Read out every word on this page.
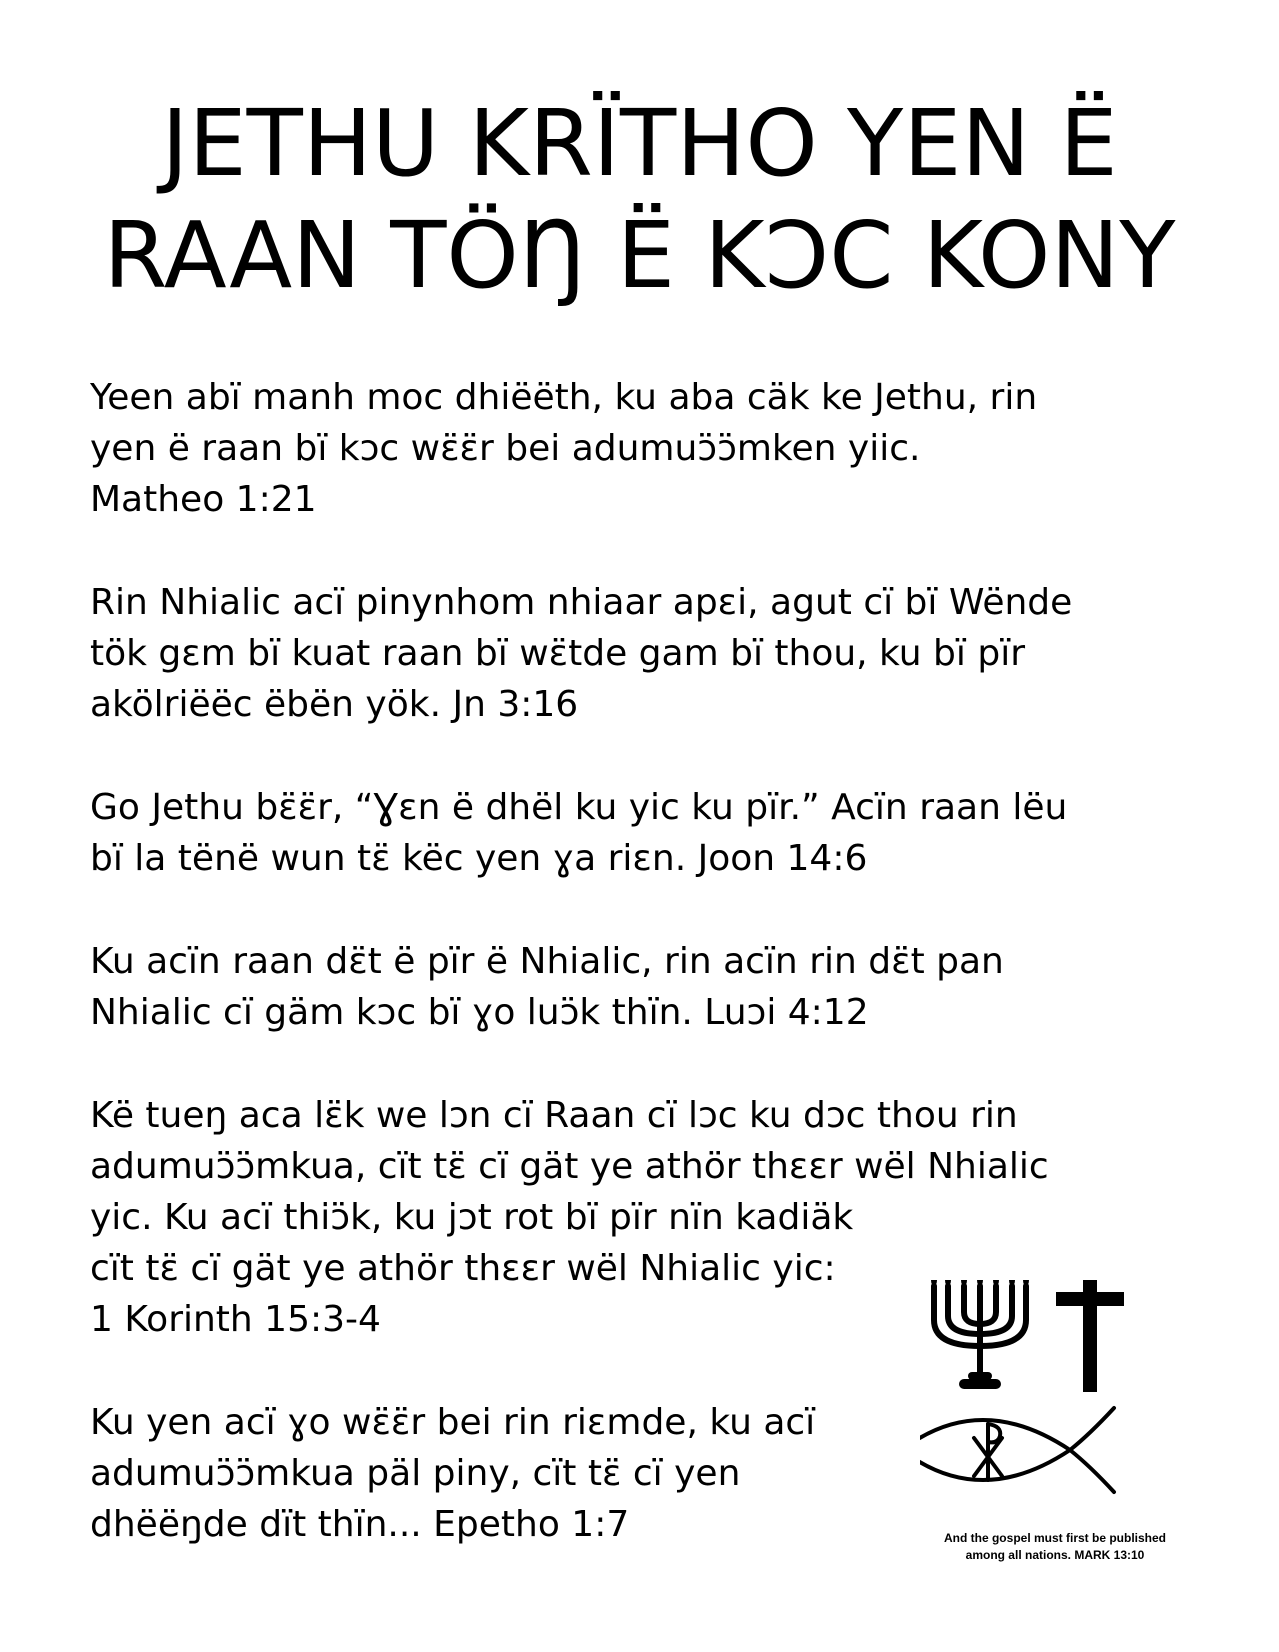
JETHU KRÏTHO YEN Ë
RAAN TÖŊ Ë KƆC KONY

Yeen abï manh moc dhiëëth, ku aba cäk ke Jethu, rin
yen ë raan bï kɔc wɛ̈ɛ̈r bei adumuɔ̈ɔ̈mken yiic.
Matheo 1:21

Rin Nhialic acï pinynhom nhiaar apɛi, agut cï bï Wënde
tök gɛm bï kuat raan bï wɛ̈tde gam bï thou, ku bï pïr
akölriëëc ëbën yök. Jn 3:16

Go Jethu bɛ̈ɛ̈r, “Ɣɛn ë dhël ku yic ku pïr.” Acïn raan lëu
bï la tënë wun tɛ̈ këc yen ɣa riɛn. Joon 14:6

Ku acïn raan dɛ̈t ë pïr ë Nhialic, rin acïn rin dɛ̈t pan
Nhialic cï gäm kɔc bï ɣo luɔ̈k thïn. Luɔi 4:12

Kë tueŋ aca lɛ̈k we lɔn cï Raan cï lɔc ku dɔc thou rin
adumuɔ̈ɔ̈mkua, cït tɛ̈ cï gät ye athör thɛɛr wël Nhialic
yic. Ku acï thiɔ̈k, ku jɔt rot bï pïr nïn kadiäk
cït tɛ̈ cï gät ye athör thɛɛr wël Nhialic yic:
1 Korinth 15:3-4

Ku yen acï ɣo wɛ̈ɛ̈r bei rin riɛmde, ku acï
adumuɔ̈ɔ̈mkua päl piny, cït tɛ̈ cï yen
dhëëŋde dït thïn... Epetho 1:7	And the gospel must first be published
among all nations. MARK 13:10
